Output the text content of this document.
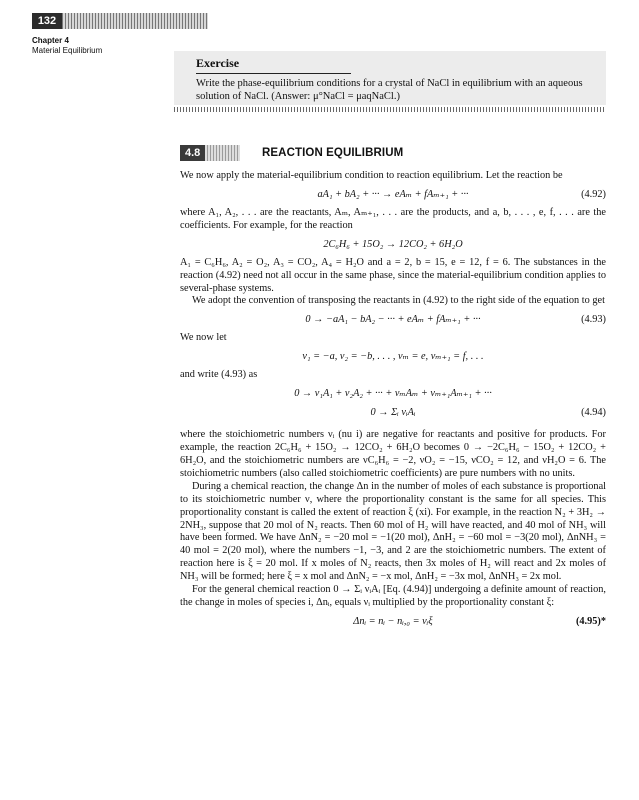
132
Chapter 4
Material Equilibrium
Exercise
Write the phase-equilibrium conditions for a crystal of NaCl in equilibrium with an aqueous solution of NaCl. (Answer: μ°NaCl = μaqNaCl.)
4.8	REACTION EQUILIBRIUM

We now apply the material-equilibrium condition to reaction equilibrium. Let the reaction be

aA₁ + bA₂ + ··· → eAₘ + fAₘ₊₁ + ···	(4.92)

where A₁, A₂, . . . are the reactants, Aₘ, Aₘ₊₁, . . . are the products, and a, b, . . . , e, f, . . . are the coefficients. For example, for the reaction

2C₆H₆ + 15O₂ → 12CO₂ + 6H₂O

A₁ = C₆H₆, A₂ = O₂, A₃ = CO₂, A₄ = H₂O and a = 2, b = 15, e = 12, f = 6. The substances in the reaction (4.92) need not all occur in the same phase, since the material-equilibrium condition applies to several-phase systems.

We adopt the convention of transposing the reactants in (4.92) to the right side of the equation to get

0 → −aA₁ − bA₂ − ··· + eAₘ + fAₘ₊₁ + ···	(4.93)

We now let

ν₁ = −a, ν₂ = −b, . . . , νₘ = e, νₘ₊₁ = f, . . .

and write (4.93) as

0 → ν₁A₁ + ν₂A₂ + ··· + νₘAₘ + νₘ₊₁Aₘ₊₁ + ···
0 → Σᵢ νᵢAᵢ	(4.94)

where the stoichiometric numbers νᵢ (nu i) are negative for reactants and positive for products. For example, the reaction 2C₆H₆ + 15O₂ → 12CO₂ + 6H₂O becomes 0 → −2C₆H₆ − 15O₂ + 12CO₂ + 6H₂O, and the stoichiometric numbers are νC₆H₆ = −2, νO₂ = −15, νCO₂ = 12, and νH₂O = 6. The stoichiometric numbers (also called stoichiometric coefficients) are pure numbers with no units.

During a chemical reaction, the change Δn in the number of moles of each substance is proportional to its stoichiometric number ν, where the proportionality constant is the same for all species. This proportionality constant is called the extent of reaction ξ (xi). For example, in the reaction N₂ + 3H₂ → 2NH₃, suppose that 20 mol of N₂ reacts. Then 60 mol of H₂ will have reacted, and 40 mol of NH₃ will have been formed. We have ΔnN₂ = −20 mol = −1(20 mol), ΔnH₂ = −60 mol = −3(20 mol), ΔnNH₃ = 40 mol = 2(20 mol), where the numbers −1, −3, and 2 are the stoichiometric numbers. The extent of reaction here is ξ = 20 mol. If x moles of N₂ reacts, then 3x moles of H₂ will react and 2x moles of NH₃ will be formed; here ξ = x mol and ΔnN₂ = −x mol, ΔnH₂ = −3x mol, ΔnNH₃ = 2x mol.

For the general chemical reaction 0 → Σᵢ νᵢAᵢ [Eq. (4.94)] undergoing a definite amount of reaction, the change in moles of species i, Δnᵢ, equals νᵢ multiplied by the proportionality constant ξ:

Δnᵢ = nᵢ − nᵢ,₀ = νᵢξ	(4.95)*
